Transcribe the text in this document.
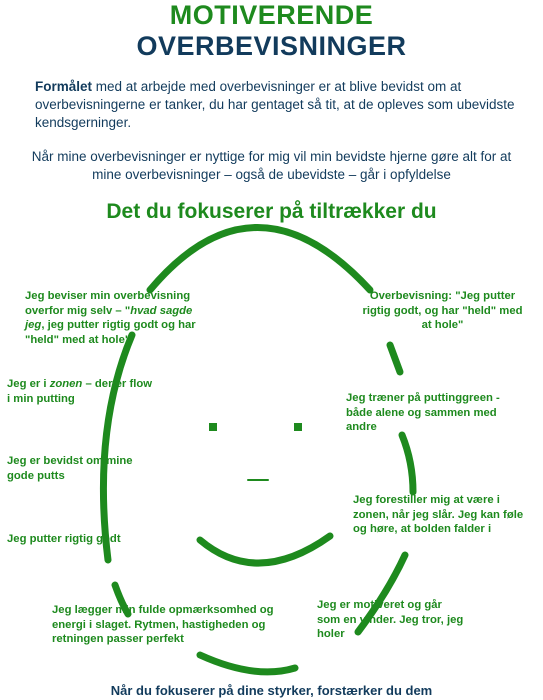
MOTIVERENDE
OVERBEVISNINGER
Formålet med at arbejde med overbevisninger er at blive bevidst om at overbevisningerne er tanker, du har gentaget så tit, at de opleves som ubevidste kendsgerninger.
Når mine overbevisninger er nyttige for mig vil min bevidste hjerne gøre alt for at mine overbevisninger – også de ubevidste – går i opfyldelse
Det du fokuserer på tiltrækker du
Jeg beviser min overbevisning overfor mig selv – "hvad sagde jeg, jeg putter rigtig godt og har "held" med at hole"
Jeg er i zonen – der er flow i min putting
Jeg er bevidst om mine gode putts
Jeg putter rigtig godt
Jeg lægger min fulde opmærksomhed og energi i slaget. Rytmen, hastigheden og retningen passer perfekt
Overbevisning: "Jeg putter rigtig godt, og har "held" med at hole"
Jeg træner på puttinggreen - både alene og sammen med andre
Jeg forestiller mig at være i zonen, når jeg slår. Jeg kan føle og høre, at bolden falder i
Jeg er motiveret og går som en vinder. Jeg tror, jeg holer
Når du fokuserer på dine styrker, forstærker du dem
